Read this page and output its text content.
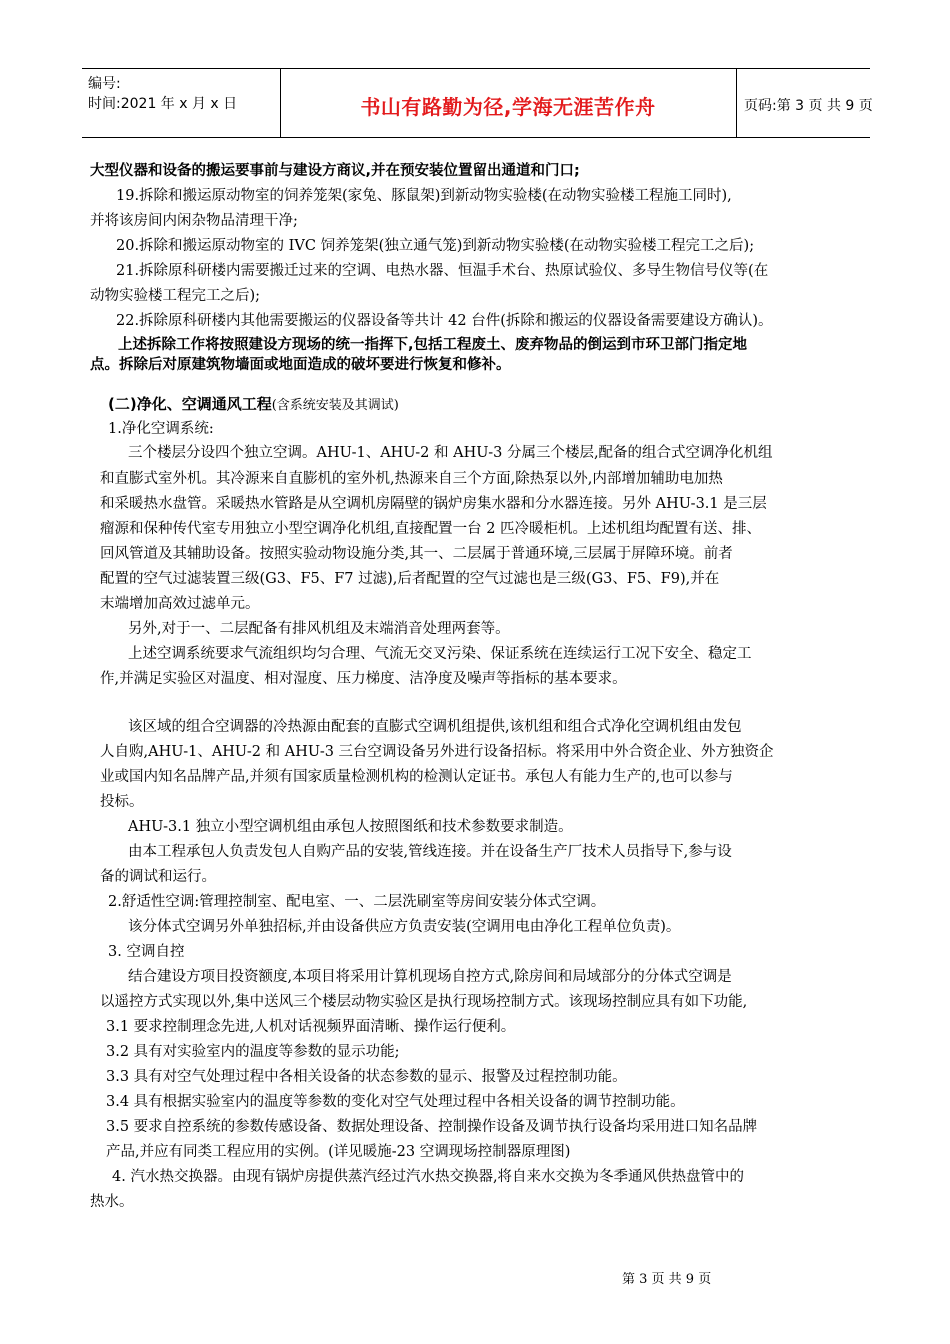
编号:
时间:2021 年 x 月 x 日	书山有路勤为径,学海无涯苦作舟	页码:第 3 页 共 9 页
大型仪器和设备的搬运要事前与建设方商议,并在预安装位置留出通道和门口;
19.拆除和搬运原动物室的饲养笼架(家兔、豚鼠架)到新动物实验楼(在动物实验楼工程施工同时),
并将该房间内闲杂物品清理干净;
20.拆除和搬运原动物室的 IVC 饲养笼架(独立通气笼)到新动物实验楼(在动物实验楼工程完工之后);
21.拆除原科研楼内需要搬迁过来的空调、电热水器、恒温手术台、热原试验仪、多导生物信号仪等(在
动物实验楼工程完工之后);
22.拆除原科研楼内其他需要搬运的仪器设备等共计 42 台件(拆除和搬运的仪器设备需要建设方确认)。
上述拆除工作将按照建设方现场的统一指挥下,包括工程废土、废弃物品的倒运到市环卫部门指定地
点。拆除后对原建筑物墙面或地面造成的破坏要进行恢复和修补。
(二)净化、空调通风工程(含系统安装及其调试)
1.净化空调系统:
三个楼层分设四个独立空调。AHU-1、AHU-2 和 AHU-3 分属三个楼层,配备的组合式空调净化机组
和直膨式室外机。其冷源来自直膨机的室外机,热源来自三个方面,除热泵以外,内部增加辅助电加热
和采暖热水盘管。采暖热水管路是从空调机房隔壁的锅炉房集水器和分水器连接。另外 AHU-3.1 是三层
瘤源和保种传代室专用独立小型空调净化机组,直接配置一台 2 匹冷暖柜机。上述机组均配置有送、排、
回风管道及其辅助设备。按照实验动物设施分类,其一、二层属于普通环境,三层属于屏障环境。前者
配置的空气过滤装置三级(G3、F5、F7 过滤),后者配置的空气过滤也是三级(G3、F5、F9),并在
末端增加高效过滤单元。
另外,对于一、二层配备有排风机组及末端消音处理两套等。
上述空调系统要求气流组织均匀合理、气流无交叉污染、保证系统在连续运行工况下安全、稳定工
作,并满足实验区对温度、相对湿度、压力梯度、洁净度及噪声等指标的基本要求。
该区域的组合空调器的冷热源由配套的直膨式空调机组提供,该机组和组合式净化空调机组由发包
人自购,AHU-1、AHU-2 和 AHU-3 三台空调设备另外进行设备招标。将采用中外合资企业、外方独资企
业或国内知名品牌产品,并须有国家质量检测机构的检测认定证书。承包人有能力生产的,也可以参与
投标。
AHU-3.1 独立小型空调机组由承包人按照图纸和技术参数要求制造。
由本工程承包人负责发包人自购产品的安装,管线连接。并在设备生产厂技术人员指导下,参与设
备的调试和运行。
2.舒适性空调:管理控制室、配电室、一、二层洗刷室等房间安装分体式空调。
该分体式空调另外单独招标,并由设备供应方负责安装(空调用电由净化工程单位负责)。
3. 空调自控
结合建设方项目投资额度,本项目将采用计算机现场自控方式,除房间和局域部分的分体式空调是
以遥控方式实现以外,集中送风三个楼层动物实验区是执行现场控制方式。该现场控制应具有如下功能,
3.1 要求控制理念先进,人机对话视频界面清晰、操作运行便利。
3.2 具有对实验室内的温度等参数的显示功能;
3.3 具有对空气处理过程中各相关设备的状态参数的显示、报警及过程控制功能。
3.4 具有根据实验室内的温度等参数的变化对空气处理过程中各相关设备的调节控制功能。
3.5 要求自控系统的参数传感设备、数据处理设备、控制操作设备及调节执行设备均采用进口知名品牌
产品,并应有同类工程应用的实例。(详见暖施-23 空调现场控制器原理图)
4. 汽水热交换器。由现有锅炉房提供蒸汽经过汽水热交换器,将自来水交换为冬季通风供热盘管中的
热水。
第 3 页 共 9 页
